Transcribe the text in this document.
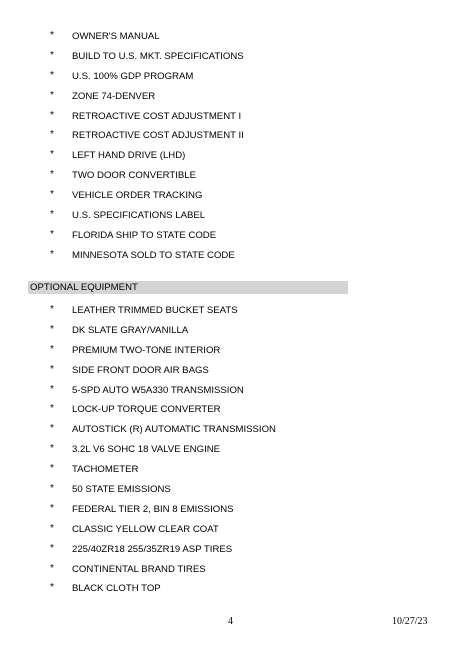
* OWNER'S MANUAL
* BUILD TO U.S. MKT. SPECIFICATIONS
* U.S. 100% GDP PROGRAM
* ZONE 74-DENVER
* RETROACTIVE COST ADJUSTMENT I
* RETROACTIVE COST ADJUSTMENT II
* LEFT HAND DRIVE (LHD)
* TWO DOOR CONVERTIBLE
* VEHICLE ORDER TRACKING
* U.S. SPECIFICATIONS LABEL
* FLORIDA SHIP TO STATE CODE
* MINNESOTA SOLD TO STATE CODE
OPTIONAL EQUIPMENT
* LEATHER TRIMMED BUCKET SEATS
* DK SLATE GRAY/VANILLA
* PREMIUM TWO-TONE INTERIOR
* SIDE FRONT DOOR AIR BAGS
* 5-SPD AUTO W5A330 TRANSMISSION
* LOCK-UP TORQUE CONVERTER
* AUTOSTICK (R) AUTOMATIC TRANSMISSION
* 3.2L V6 SOHC 18 VALVE ENGINE
* TACHOMETER
* 50 STATE EMISSIONS
* FEDERAL TIER 2, BIN 8 EMISSIONS
* CLASSIC YELLOW CLEAR COAT
* 225/40ZR18 255/35ZR19 ASP TIRES
* CONTINENTAL BRAND TIRES
* BLACK CLOTH TOP
4	10/27/23
